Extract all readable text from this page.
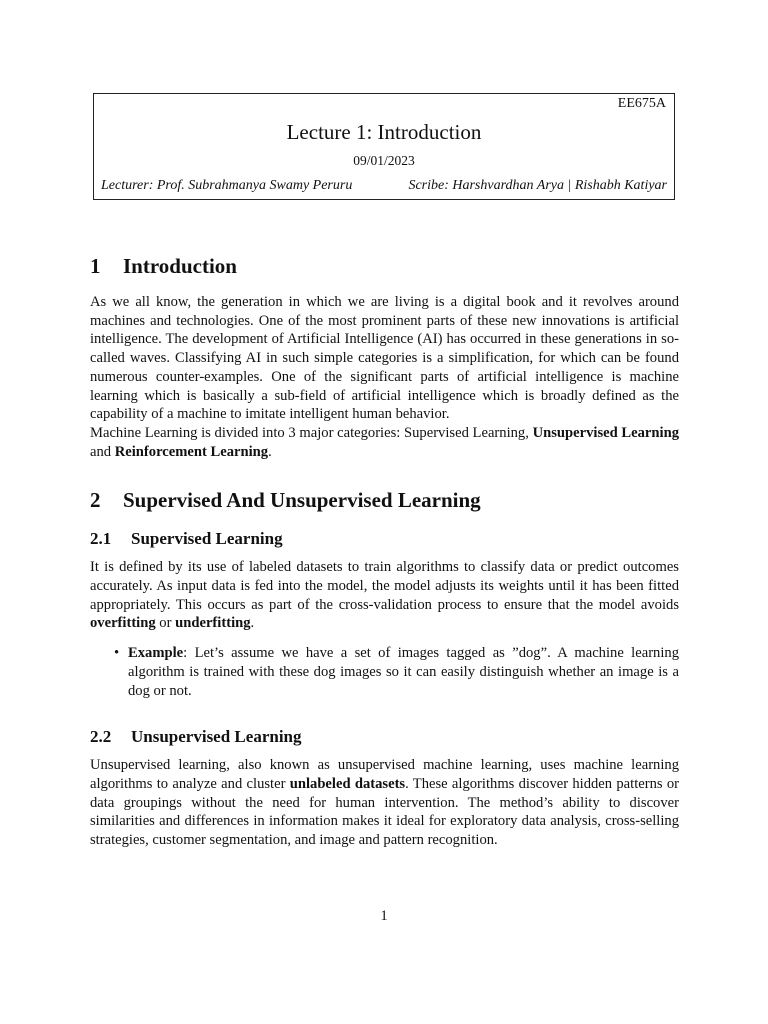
EE675A
Lecture 1: Introduction
09/01/2023
Lecturer: Prof. Subrahmanya Swamy Peruru	Scribe: Harshvardhan Arya | Rishabh Katiyar
1 Introduction

As we all know, the generation in which we are living is a digital book and it revolves around machines and technologies. One of the most prominent parts of these new innovations is artificial intelligence. The development of Artificial Intelligence (AI) has occurred in these generations in so-called waves. Classifying AI in such simple categories is a simplification, for which can be found numerous counter-examples. One of the significant parts of artificial intelligence is machine learning which is basically a sub-field of artificial intelligence which is broadly defined as the capability of a machine to imitate intelligent human behavior.

Machine Learning is divided into 3 major categories: Supervised Learning, Unsupervised Learning and Reinforcement Learning.

2 Supervised And Unsupervised Learning
2.1 Supervised Learning

It is defined by its use of labeled datasets to train algorithms to classify data or predict outcomes accurately. As input data is fed into the model, the model adjusts its weights until it has been fitted appropriately. This occurs as part of the cross-validation process to ensure that the model avoids overfitting or underfitting.

• Example: Let’s assume we have a set of images tagged as ”dog”. A machine learning algorithm is trained with these dog images so it can easily distinguish whether an image is a dog or not.
2.2 Unsupervised Learning

Unsupervised learning, also known as unsupervised machine learning, uses machine learning algorithms to analyze and cluster unlabeled datasets. These algorithms discover hidden patterns or data groupings without the need for human intervention. The method’s ability to discover similarities and differences in information makes it ideal for exploratory data analysis, cross-selling strategies, customer segmentation, and image and pattern recognition.

1
